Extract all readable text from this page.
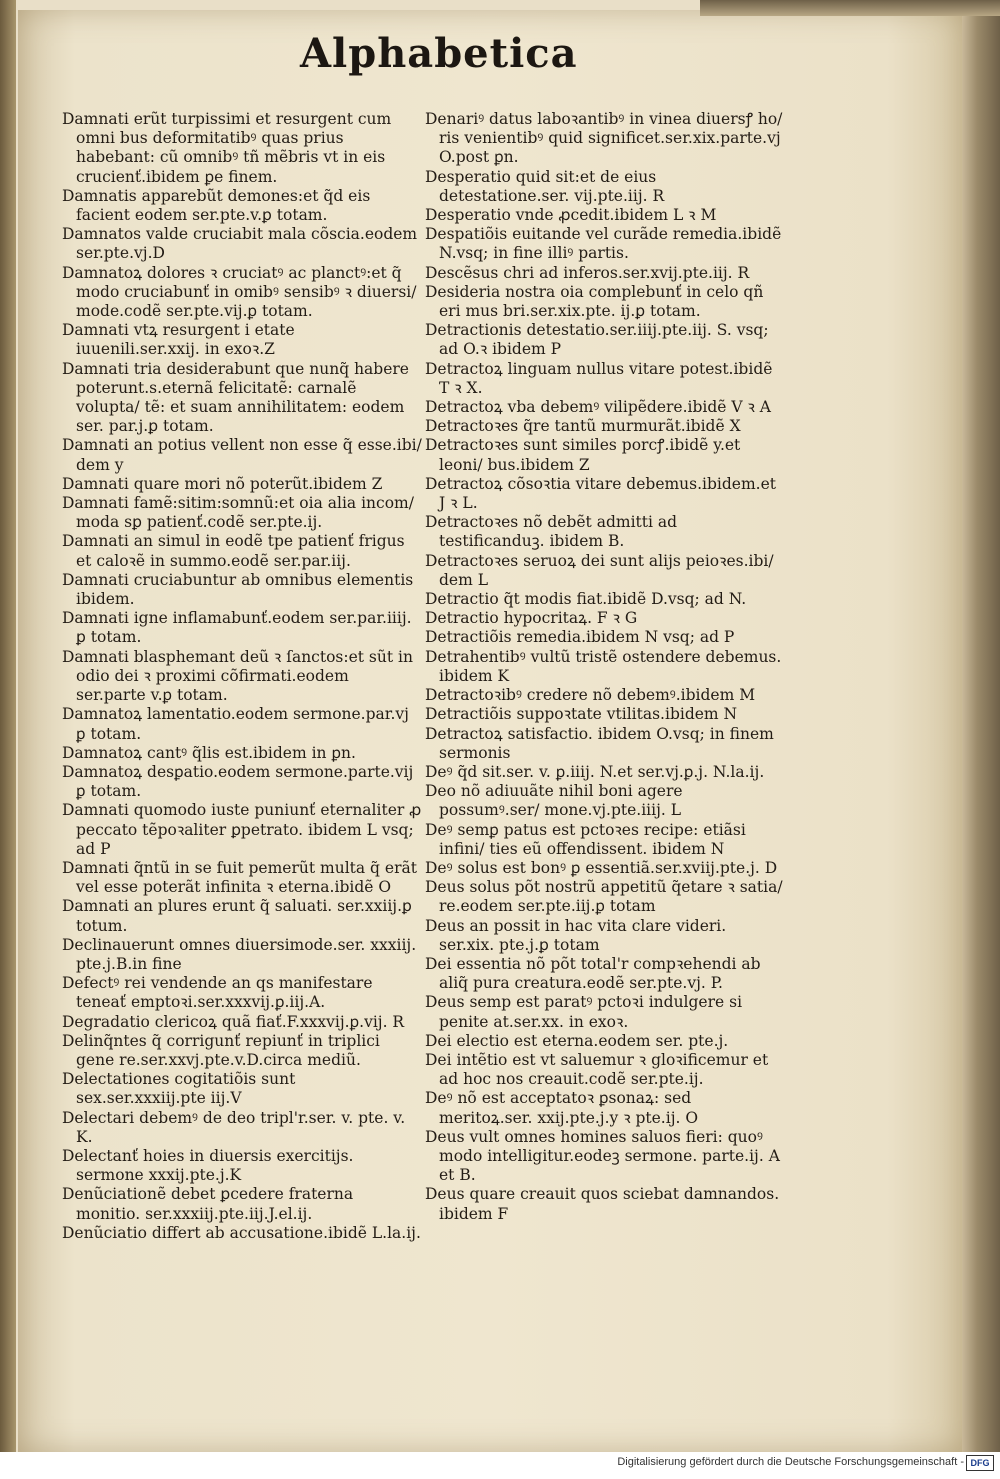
Alphabetica

Damnati erũt turpissimi et resurgent cum omni bus deformitatibꝰ quas prius habebant: cũ omnibꝰ tñ mẽbris vt in eis crucienť.ibidem ꝑe finem.

Damnatis apparebũt demones:et q̃d eis facient eodem ser.pte.v.ꝑ totam.

Damnatos valde cruciabit mala cõscia.eodem ser.pte.vj.D

Damnatoꝝ dolores ꝛ cruciatꝰ ac planctꝰ:et q̃ modo cruciabunť in omibꝰ sensibꝰ ꝛ diuersi/ mode.codẽ ser.pte.vij.ꝑ totam.

Damnati vtꝝ resurgent i etate iuuenili.ser.xxij. in exoꝛ.Z

Damnati tria desiderabunt que nunq̃ habere poterunt.s.eternã felicitatẽ: carnalẽ volupta/ tẽ: et suam annihilitatem: eodem ser. par.j.ꝑ totam.

Damnati an potius vellent non esse q̃ esse.ibi/ dem y

Damnati quare mori nõ poterũt.ibidem Z

Damnati famẽ:sitim:somnũ:et oia alia incom/ moda sꝑ patienť.codẽ ser.pte.ij.

Damnati an simul in eodẽ tpe patienť frigus et caloꝛẽ in summo.eodẽ ser.par.iij.

Damnati cruciabuntur ab omnibus elementis ibidem.

Damnati igne inflamabunť.eodem ser.par.iiij. ꝑ totam.

Damnati blasphemant deũ ꝛ ſanctos:et sũt in odio dei ꝛ proximi cõfirmati.eodem ser.parte v.ꝑ totam.

Damnatoꝝ lamentatio.eodem sermone.par.vj ꝑ totam.

Damnatoꝝ cantꝰ q̃lis est.ibidem in ꝑn.

Damnatoꝝ desꝑatio.eodem sermone.parte.vij ꝑ totam.

Damnati quomodo iuste puniunť eternaliter ꝓ peccato tẽpoꝛaliter ꝑpetrato. ibidem L vsq; ad P

Damnati q̃ntũ in se fuit pemerũt multa q̃ erãt vel esse poterãt infinita ꝛ eterna.ibidẽ O

Damnati an plures erunt q̃ saluati. ser.xxiij.ꝑ totum.

Declinauerunt omnes diuersimode.ser. xxxiij. pte.j.B.in fine

Defectꝰ rei vendende an qs manifestare teneať emptoꝛi.ser.xxxvij.ꝑ.iij.A.

Degradatio clericoꝝ quã fiať.F.xxxvij.ꝑ.vij. R

Delinq̃ntes q̃ corrigunť repiunť in triplici gene re.ser.xxvj.pte.v.D.circa mediũ.

Delectationes cogitatiõis sunt sex.ser.xxxiij.pte iij.V

Delectari debemꝰ de deo tripl'r.ser. v. pte. v. K.

Delectanť hoies in diuersis exercitijs. sermone xxxij.pte.j.K

Denũciationẽ debet ꝑcedere fraterna monitio. ser.xxxiij.pte.iij.J.el.ij.

Denũciatio differt ab accusatione.ibidẽ L.la.ij.

Denariꝰ datus laboꝛantibꝰ in vinea diuersꝭ ho/ ris venientibꝰ quid significet.ser.xix.parte.vj O.post ꝑn.

Desperatio quid sit:et de eius detestatione.ser. vij.pte.iij. R

Desperatio vnde ꝓcedit.ibidem L ꝛ M

Despatiõis euitande vel curãde remedia.ibidẽ N.vsq; in fine illiꝰ partis.

Descẽsus chri ad inferos.ser.xvij.pte.iij. R

Desideria nostra oia complebunť in celo qñ eri mus bri.ser.xix.pte. ij.ꝑ totam.

Detractionis detestatio.ser.iiij.pte.iij. S. vsq; ad O.ꝛ ibidem P

Detractoꝝ linguam nullus vitare potest.ibidẽ T ꝛ X.

Detractoꝝ vba debemꝰ vilipẽdere.ibidẽ V ꝛ A

Detractoꝛes q̃re tantũ murmurãt.ibidẽ X

Detractoꝛes sunt similes porcꝭ.ibidẽ y.et leoni/ bus.ibidem Z

Detractoꝝ cõsoꝛtia vitare debemus.ibidem.et J ꝛ L.

Detractoꝛes nõ debẽt admitti ad testificanduꝫ. ibidem B.

Detractoꝛes seruoꝝ dei sunt alijs peioꝛes.ibi/ dem L

Detractio q̃t modis fiat.ibidẽ D.vsq; ad N.

Detractio hypocritaꝝ. F ꝛ G

Detractiõis remedia.ibidem N vsq; ad P

Detrahentibꝰ vultũ tristẽ ostendere debemus. ibidem K

Detractoꝛibꝰ credere nõ debemꝰ.ibidem M

Detractiõis suppoꝛtate vtilitas.ibidem N

Detractoꝝ satisfactio. ibidem O.vsq; in finem sermonis

Deꝰ q̃d sit.ser. v. ꝑ.iiij. N.et ser.vj.ꝑ.j. N.la.ij.

Deo nõ adiuuãte nihil boni agere possumꝰ.ser/ mone.vj.pte.iiij. L

Deꝰ semꝑ patus est pctoꝛes recipe: etiãsi infini/ ties eũ offendissent. ibidem N

Deꝰ solus est bonꝰ ꝑ essentiã.ser.xviij.pte.j. D

Deus solus põt nostrũ appetitũ q̃etare ꝛ satia/ re.eodem ser.pte.iij.ꝑ totam

Deus an possit in hac vita clare videri. ser.xix. pte.j.ꝑ totam

Dei essentia nõ põt total'r compꝛehendi ab aliq̃ pura creatura.eodẽ ser.pte.vj. P.

Deus semp est paratꝰ pctoꝛi indulgere si penite at.ser.xx. in exoꝛ.

Dei electio est eterna.eodem ser. pte.j.

Dei intẽtio est vt saluemur ꝛ gloꝛificemur et ad hoc nos creauit.codẽ ser.pte.ij.

Deꝰ nõ est acceptatoꝛ ꝑsonaꝝ: sed meritoꝝ.ser. xxij.pte.j.y ꝛ pte.ij. O

Deus vult omnes homines saluos fieri: quoꝰ modo intelligitur.eodeꝫ sermone. parte.ij. A et B.

Deus quare creauit quos sciebat damnandos. ibidem F

Digitalisierung gefördert durch die Deutsche Forschungsgemeinschaft - DFG
